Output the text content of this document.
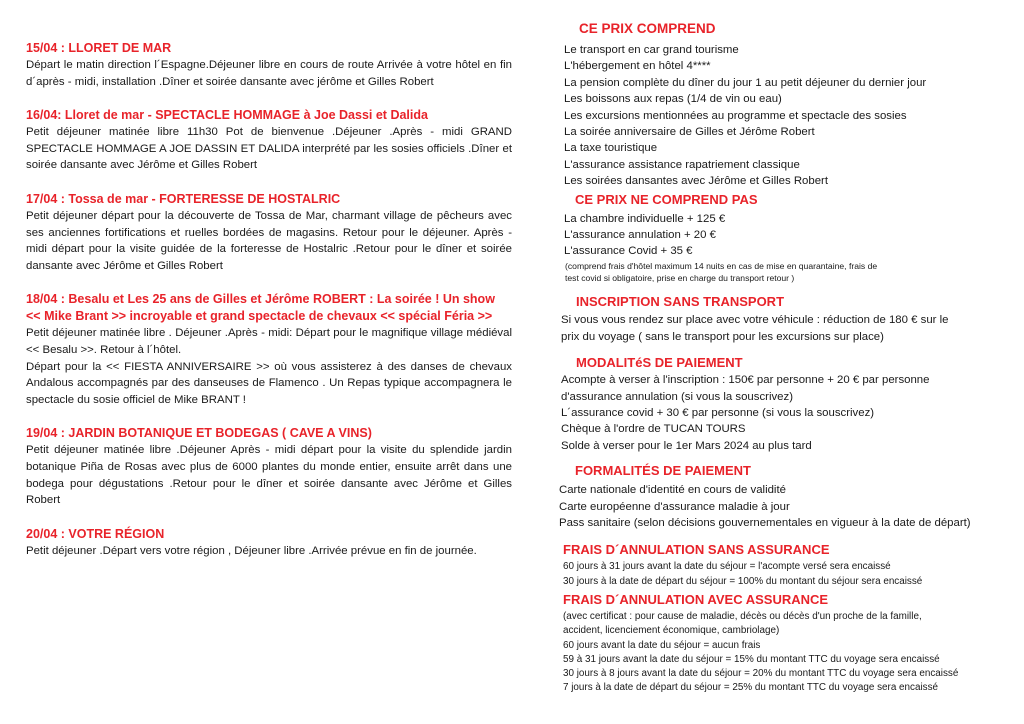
15/04 : LLORET DE MAR
Départ le matin direction l´Espagne.Déjeuner libre en cours de route Arrivée à votre hôtel en fin d´après - midi, installation .Dîner et soirée dansante avec jérôme et Gilles Robert
16/04: Lloret de mar - SPECTACLE HOMMAGE à Joe Dassi et Dalida
Petit déjeuner matinée libre 11h30 Pot de bienvenue .Déjeuner .Après - midi GRAND SPECTACLE HOMMAGE A JOE DASSIN ET DALIDA interprété par les sosies officiels .Dîner et soirée dansante avec Jérôme et Gilles Robert
17/04 : Tossa de mar - FORTERESSE DE HOSTALRIC
Petit déjeuner départ pour la découverte de Tossa de Mar, charmant village de pêcheurs avec ses anciennes fortifications et ruelles bordées de magasins. Retour pour le déjeuner. Après - midi départ pour la visite guidée de la forteresse de Hostalric .Retour pour le dîner et soirée dansante avec Jérôme et Gilles Robert
18/04 : Besalu et Les 25 ans de Gilles et Jérôme ROBERT : La soirée ! Un show << Mike Brant >> incroyable et grand spectacle de chevaux << spécial Féria >>
Petit déjeuner matinée libre . Déjeuner .Après - midi: Départ pour le magnifique village médiéval << Besalu >>. Retour à l´hôtel.
Départ pour la << FIESTA ANNIVERSAIRE >> où vous assisterez à des danses de chevaux Andalous accompagnés par des danseuses de Flamenco . Un Repas typique accompagnera le spectacle du sosie officiel de Mike BRANT !
19/04 : JARDIN BOTANIQUE ET BODEGAS ( CAVE A VINS)
Petit déjeuner matinée libre .Déjeuner Après - midi départ pour la visite du splendide jardin botanique Piña de Rosas avec plus de 6000 plantes du monde entier, ensuite arrêt dans une bodega pour dégustations .Retour pour le dîner et soirée dansante avec Jérôme et Gilles Robert
20/04 : VOTRE RÉGION
Petit déjeuner .Départ vers votre région , Déjeuner libre .Arrivée prévue en fin de journée.
CE PRIX COMPREND
Le transport en car grand tourisme
L'hébergement en hôtel 4****
La pension complète du dîner du jour 1 au petit déjeuner du dernier jour
Les boissons aux repas (1/4 de vin ou eau)
Les excursions mentionnées au programme et spectacle des sosies
La soirée anniversaire de Gilles et Jérôme Robert
La taxe touristique
L'assurance assistance rapatriement classique
Les soirées dansantes avec Jérôme et Gilles Robert
CE PRIX NE COMPREND PAS
La chambre individuelle + 125 €
L'assurance annulation + 20 €
L'assurance Covid + 35 €
(comprend frais d'hôtel maximum 14 nuits en cas de mise en quarantaine, frais de
test covid si obligatoire, prise en charge du transport retour )
INSCRIPTION SANS TRANSPORT
Si vous vous rendez sur place avec votre véhicule : réduction de 180 € sur le
prix du voyage ( sans le transport pour les excursions sur place)
MODALITéS DE PAIEMENT
Acompte à verser à l'inscription : 150€ par personne + 20 € par personne
d'assurance annulation (si vous la souscrivez)
L´assurance covid + 30 € par personne (si vous la souscrivez)
Chèque à l'ordre de TUCAN TOURS
Solde à verser pour le 1er Mars 2024 au plus tard
FORMALITÉS DE PAIEMENT
Carte nationale d'identité en cours de validité
Carte européenne d'assurance maladie à jour
Pass sanitaire (selon décisions gouvernementales en vigueur à la date de départ)
FRAIS D´ANNULATION SANS ASSURANCE
60 jours à 31 jours avant la date du séjour = l'acompte versé sera encaissé
30 jours à la date de départ du séjour = 100% du montant du séjour sera encaissé
FRAIS D´ANNULATION AVEC ASSURANCE
(avec certificat : pour cause de maladie, décès ou décès d'un proche de la famille,
accident, licenciement économique, cambriolage)
60 jours avant la date du séjour = aucun frais
59 à 31 jours avant la date du séjour = 15% du montant TTC du voyage sera encaissé
30 jours à 8 jours avant la date du séjour = 20% du montant TTC du voyage sera encaissé
7 jours à la date de départ du séjour = 25% du montant TTC du voyage sera encaissé
